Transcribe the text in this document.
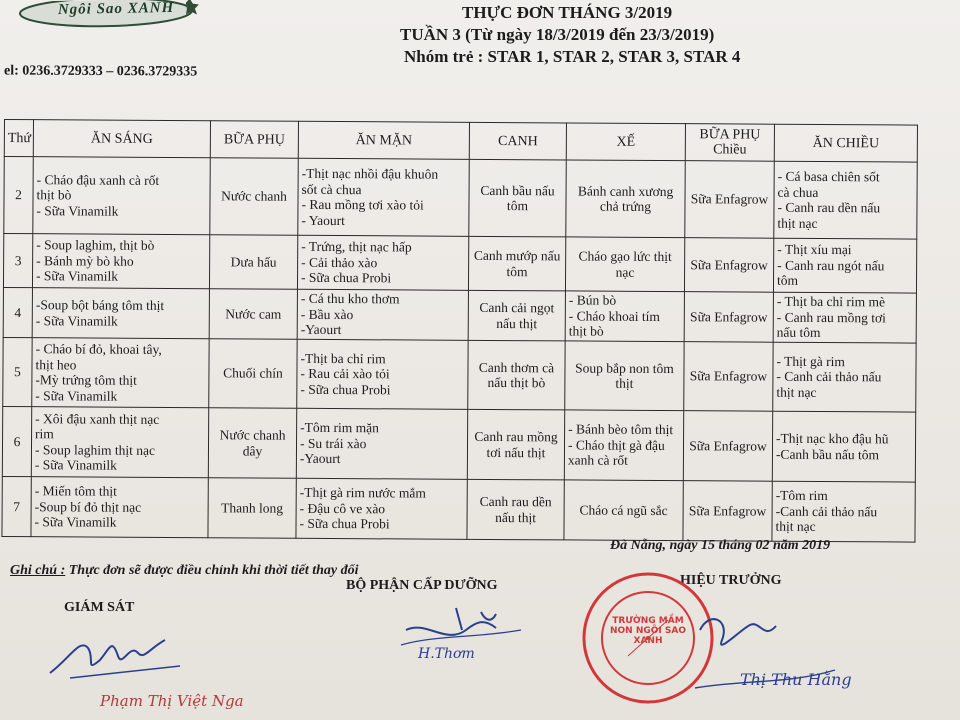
Ngôi Sao XANH
el: 0236.3729333 – 0236.3729335
THỰC ĐƠN THÁNG 3/2019
TUẦN 3 (Từ ngày 18/3/2019 đến 23/3/2019)
Nhóm trẻ : STAR 1, STAR 2, STAR 3, STAR 4
Thứ	ĂN SÁNG	BỮA PHỤ	ĂN MẶN	CANH	XẾ	BỮA PHỤ Chiều	ĂN CHIỀU
2	- Cháo đậu xanh cà rốt
thịt bò
- Sữa Vinamilk	Nước chanh	-Thịt nạc nhồi đậu khuôn
sốt cà chua
- Rau mồng tơi xào tỏi
- Yaourt	Canh bầu nấu tôm	Bánh canh xương chả trứng	Sữa Enfagrow	- Cá basa chiên sốt
cà chua
- Canh rau dền nấu
thịt nạc

3	- Soup laghim, thịt bò
- Bánh mỳ bò kho
- Sữa Vinamilk	Dưa hấu	- Trứng, thịt nạc hấp
- Cải thảo xào
- Sữa chua Probi	Canh mướp nấu tôm	Cháo gạo lức thịt nạc	Sữa Enfagrow	- Thịt xíu mại
- Canh rau ngót nấu
tôm

4	-Soup bột báng tôm thịt
- Sữa Vinamilk	Nước cam	- Cá thu kho thơm
- Bầu xào
-Yaourt	Canh cải ngọt nấu thịt	- Bún bò
- Cháo khoai tím thịt bò	Sữa Enfagrow	- Thịt ba chỉ rim mè
- Canh rau mồng tơi
nấu tôm

5	- Cháo bí đỏ, khoai tây,
thịt heo
-Mỳ trứng tôm thịt
- Sữa Vinamilk	Chuối chín	-Thịt ba chỉ rim
- Rau cải xào tỏi
- Sữa chua Probi	Canh thơm cà nấu thịt bò	Soup bắp non tôm thịt	Sữa Enfagrow	- Thịt gà rim
- Canh cải thảo nấu
thịt nạc

6	- Xôi đậu xanh thịt nạc
rim
- Soup laghim thịt nạc
- Sữa Vinamilk	Nước chanh dây	-Tôm rim mặn
- Su trái xào
-Yaourt	Canh rau mồng tơi nấu thịt	- Bánh bèo tôm thịt
- Cháo thịt gà đậu xanh cà rốt	Sữa Enfagrow	-Thịt nạc kho đậu hũ
-Canh bầu nấu tôm

7	- Miến tôm thịt
-Soup bí đỏ thịt nạc
- Sữa Vinamilk	Thanh long	-Thịt gà rim nước mắm
- Đậu cô ve xào
- Sữa chua Probi	Canh rau dền nấu thịt	Cháo cá ngũ sắc	Sữa Enfagrow	-Tôm rim
-Canh cải thảo nấu
thịt nạc
Đà Nẵng, ngày 15 tháng 02 năm 2019
Ghi chú : Thực đơn sẽ được điều chỉnh khi thời tiết thay đổi
GIÁM SÁT
BỘ PHẬN CẤP DƯỠNG	HIỆU TRƯỞNG
Phạm Thị Việt Nga
H.Thơm
TRƯỜNG MẦM NON NGÔI SAO XANH
Thị Thu Hằng
